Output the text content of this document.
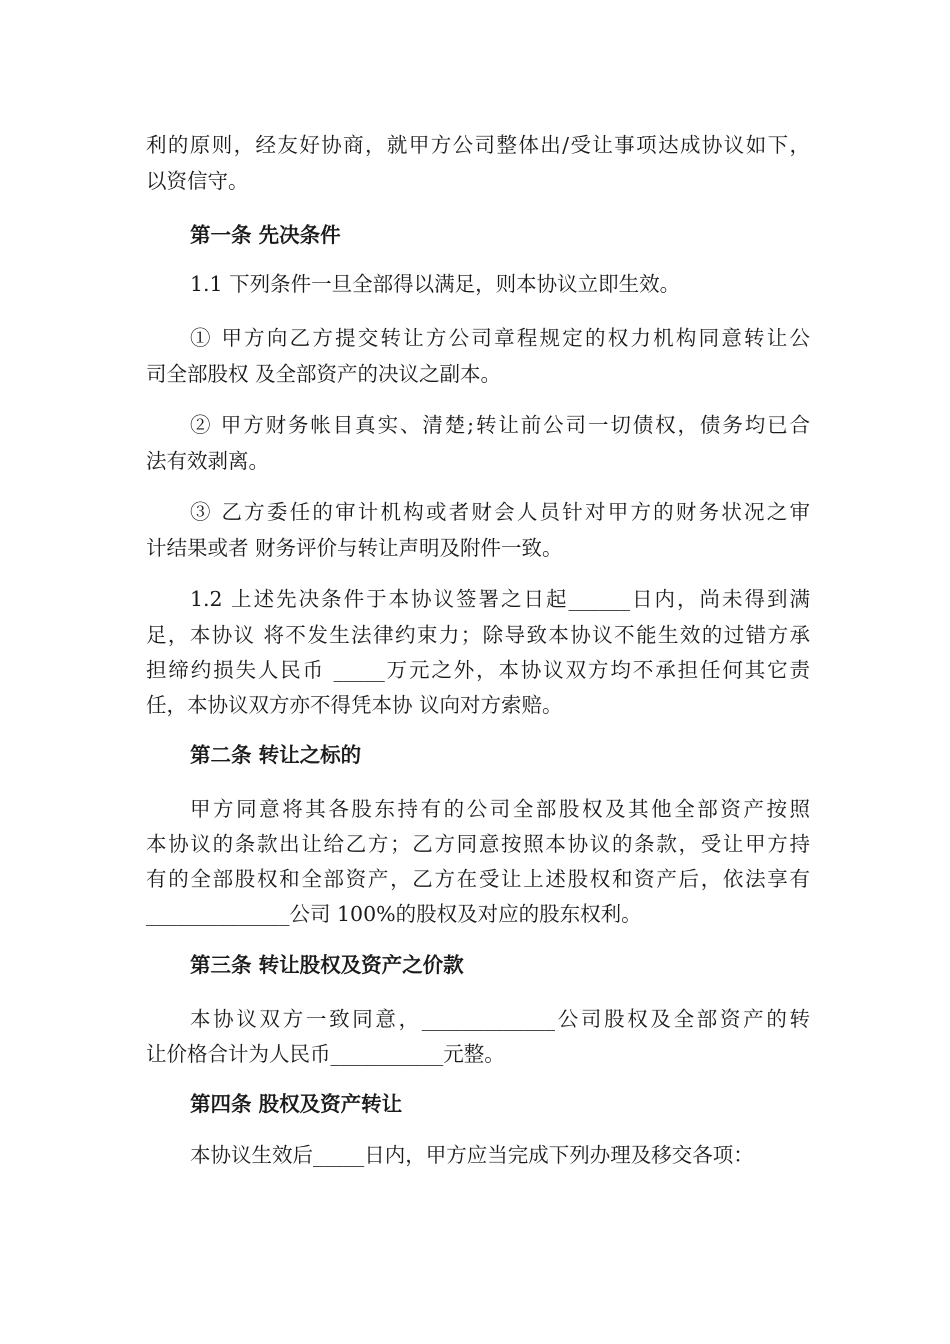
利的原则，经友好协商，就甲方公司整体出/受让事项达成协议如下，
以资信守。
第一条 先决条件
1.1 下列条件一旦全部得以满足，则本协议立即生效。
① 甲方向乙方提交转让方公司章程规定的权力机构同意转让公
司全部股权 及全部资产的决议之副本。
② 甲方财务帐目真实、清楚;转让前公司一切债权，债务均已合
法有效剥离。
③ 乙方委任的审计机构或者财会人员针对甲方的财务状况之审
计结果或者 财务评价与转让声明及附件一致。
1.2 上述先决条件于本协议签署之日起______日内，尚未得到满
足，本协议 将不发生法律约束力；除导致本协议不能生效的过错方承
担缔约损失人民币 _____万元之外，本协议双方均不承担任何其它责
任，本协议双方亦不得凭本协 议向对方索赔。
第二条 转让之标的
甲方同意将其各股东持有的公司全部股权及其他全部资产按照
本协议的条款出让给乙方；乙方同意按照本协议的条款，受让甲方持
有的全部股权和全部资产，乙方在受让上述股权和资产后，依法享有
______________公司 100%的股权及对应的股东权利。
第三条 转让股权及资产之价款
本协议双方一致同意，_____________公司股权及全部资产的转
让价格合计为人民币___________元整。
第四条 股权及资产转让
本协议生效后_____日内，甲方应当完成下列办理及移交各项：
